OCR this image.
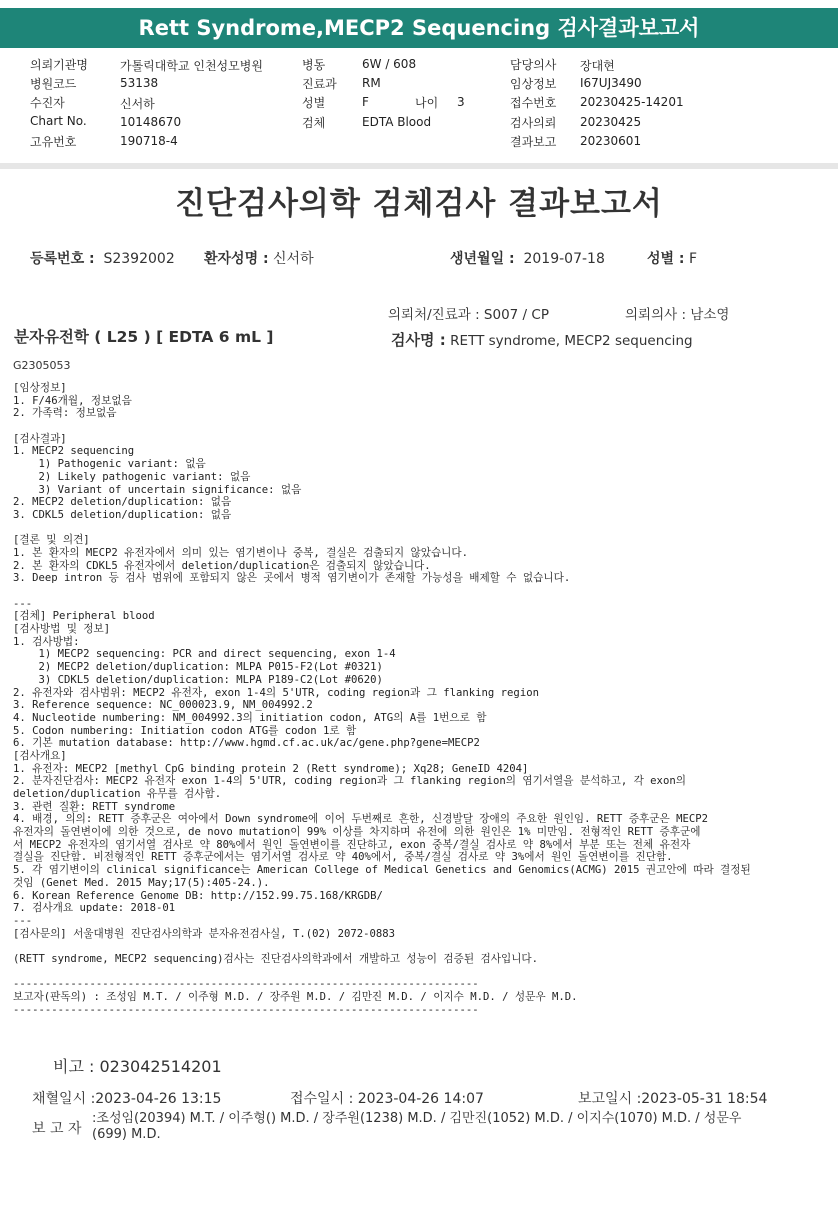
Rett Syndrome,MECP2 Sequencing 검사결과보고서
의뢰기관명	가톨릭대학교 인천성모병원	병동	6W / 608	담당의사 장대현
병원코드	53138	진료과 RM	임상정보 I67UJ3490
수진자	신서하	성별	F	나이 3	접수번호 20230425-14201
Chart No.	10148670	검체	EDTA Blood	검사의뢰 20230425
고유번호	190718-4	결과보고 20230601
진단검사의학 검체검사 결과보고서
등록번호 : S2392002 환자성명 : 신서하	생년월일 : 2019-07-18	성별 : F
의뢰처/진료과 : S007 / CP	의뢰의사 : 남소영
분자유전학 ( L25 ) [ EDTA 6 mL ]	검사명 : RETT syndrome, MECP2 sequencing
G2305053
[임상정보]
1. F/46개월, 정보없음
2. 가족력: 정보없음
[검사결과]
1. MECP2 sequencing
1) Pathogenic variant: 없음
2) Likely pathogenic variant: 없음
3) Variant of uncertain significance: 없음
2. MECP2 deletion/duplication: 없음
3. CDKL5 deletion/duplication: 없음
[결론 및 의견]
1. 본 환자의 MECP2 유전자에서 의미 있는 염기변이나 중복, 결실은 검출되지 않았습니다.
2. 본 환자의 CDKL5 유전자에서 deletion/duplication은 검출되지 않았습니다.
3. Deep intron 등 검사 범위에 포함되지 않은 곳에서 병적 염기변이가 존재할 가능성을 배제할 수 없습니다.
---
[검체] Peripheral blood
[검사방법 및 정보]
1. 검사방법:
1) MECP2 sequencing: PCR and direct sequencing, exon 1-4
2) MECP2 deletion/duplication: MLPA P015-F2(Lot #0321)
3) CDKL5 deletion/duplication: MLPA P189-C2(Lot #0620)
2. 유전자와 검사범위: MECP2 유전자, exon 1-4의 5'UTR, coding region과 그 flanking region
3. Reference sequence: NC_000023.9, NM_004992.2
4. Nucleotide numbering: NM_004992.3의 initiation codon, ATG의 A를 1번으로 함
5. Codon numbering: Initiation codon ATG를 codon 1로 함
6. 기본 mutation database: http://www.hgmd.cf.ac.uk/ac/gene.php?gene=MECP2
[검사개요]
1. 유전자: MECP2 [methyl CpG binding protein 2 (Rett syndrome); Xq28; GeneID 4204]
2. 분자진단검사: MECP2 유전자 exon 1-4의 5'UTR, coding region과 그 flanking region의 염기서열을 분석하고, 각 exon의
deletion/duplication 유무를 검사함.
3. 관련 질환: RETT syndrome
4. 배경, 의의: RETT 증후군은 여아에서 Down syndrome에 이어 두번째로 흔한, 신경발달 장애의 주요한 원인임. RETT 증후군은 MECP2
유전자의 돌연변이에 의한 것으로, de novo mutation이 99% 이상를 차지하며 유전에 의한 원인은 1% 미만임. 전형적인 RETT 증후군에
서 MECP2 유전자의 염기서열 검사로 약 80%에서 원인 돌연변이를 진단하고, exon 중복/결실 검사로 약 8%에서 부분 또는 전체 유전자
결실을 진단함. 비전형적인 RETT 증후군에서는 염기서열 검사로 약 40%에서, 중복/결실 검사로 약 3%에서 원인 돌연변이를 진단함.
5. 각 염기변이의 clinical significance는 American College of Medical Genetics and Genomics(ACMG) 2015 권고안에 따라 결정된
것임 (Genet Med. 2015 May;17(5):405-24.).
6. Korean Reference Genome DB: http://152.99.75.168/KRGDB/
7. 검사개요 update: 2018-01
---
[검사문의] 서울대병원 진단검사의학과 분자유전검사실, T.(02) 2072-0883
(RETT syndrome, MECP2 sequencing)검사는 진단검사의학과에서 개발하고 성능이 검증된 검사입니다.
-------------------------------------------------------------------------
보고자(판독의) : 조성임 M.T. / 이주형 M.D. / 장주원 M.D. / 김만진 M.D. / 이지수 M.D. / 성문우 M.D.
-------------------------------------------------------------------------
비고 : 023042514201
채혈일시 :2023-04-26 13:15	접수일시 : 2023-04-26 14:07	보고일시 :2023-05-31 18:54
보 고 자
:조성임(20394) M.T. / 이주형() M.D. / 장주원(1238) M.D. / 김만진(1052) M.D. / 이지수(1070) M.D. / 성문우
(699) M.D.
